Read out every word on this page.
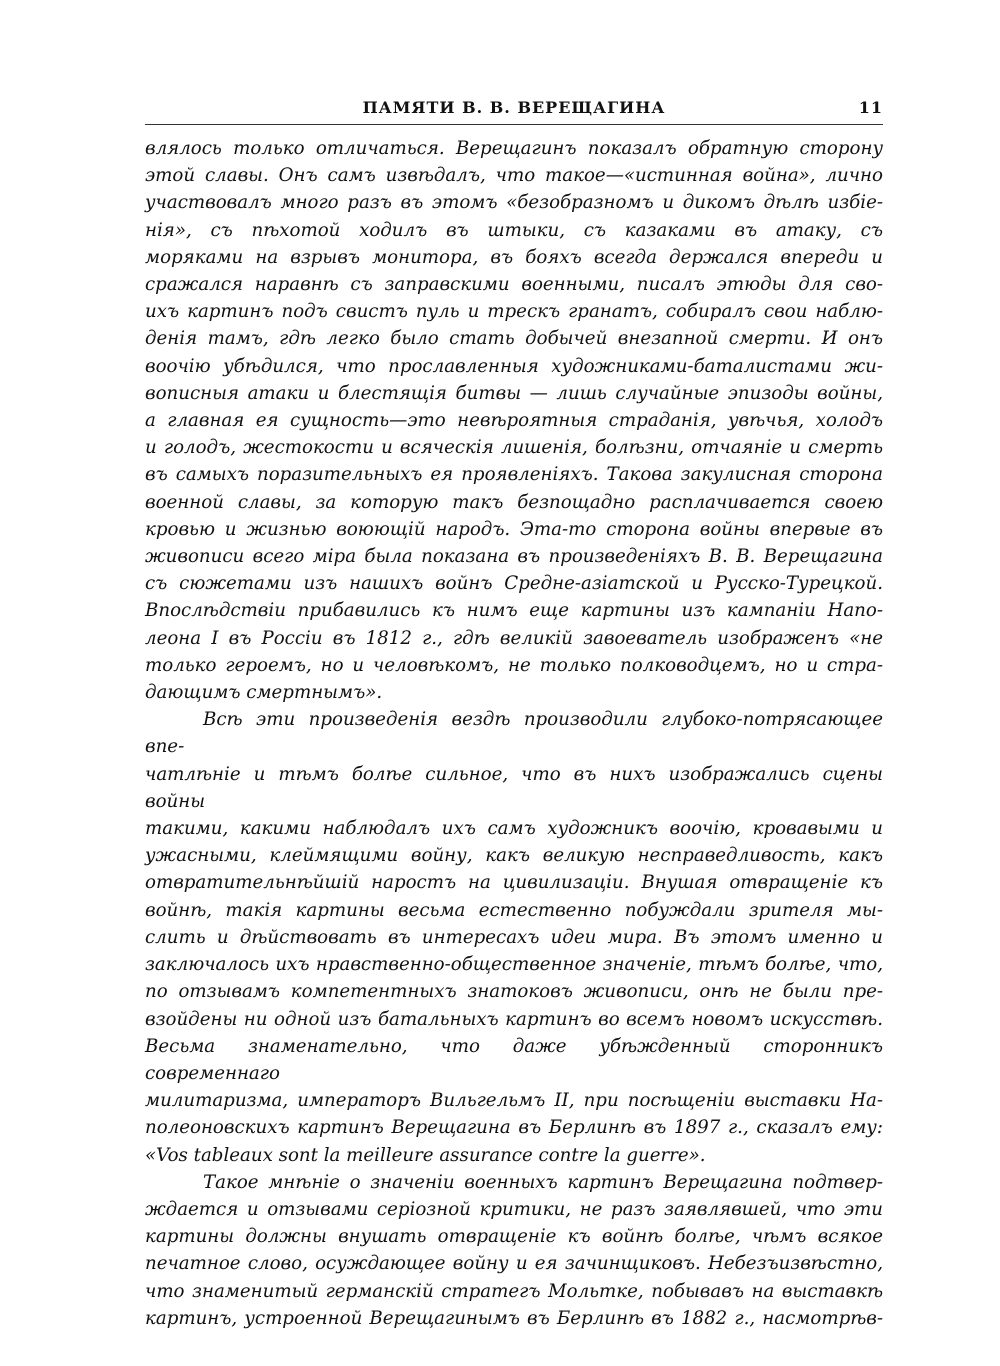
ПАМЯТИ В. В. ВЕРЕЩАГИНА	11

влялось только отличаться. Верещагинъ показалъ обратную сторону

этой славы. Онъ самъ извѣдалъ, что такое—«истинная война», лично

участвовалъ много разъ въ этомъ «безобразномъ и дикомъ дѣлѣ избіе-

нія», съ пѣхотой ходилъ въ штыки, съ казаками въ атаку, съ

моряками на взрывъ монитора, въ бояхъ всегда держался впереди и

сражался наравнѣ съ заправскими военными, писалъ этюды для сво-

ихъ картинъ подъ свистъ пуль и трескъ гранатъ, собиралъ свои наблю-

денія тамъ, гдѣ легко было стать добычей внезапной смерти. И онъ

воочію убѣдился, что прославленныя художниками-баталистами жи-

вописныя атаки и блестящія битвы — лишь случайные эпизоды войны,

а главная ея сущность—это невѣроятныя страданія, увѣчья, холодъ

и голодъ, жестокости и всяческія лишенія, болѣзни, отчаяніе и смерть

въ самыхъ поразительныхъ ея проявленіяхъ. Такова закулисная сторона

военной славы, за которую такъ безпощадно расплачивается своею

кровью и жизнью воюющій народъ. Эта-то сторона войны впервые въ

живописи всего міра была показана въ произведеніяхъ В. В. Верещагина

съ сюжетами изъ нашихъ войнъ Средне-азіатской и Русско-Турецкой.

Впослѣдствіи прибавились къ нимъ еще картины изъ кампаніи Напо-

леона I въ Россіи въ 1812 г., гдѣ великій завоеватель изображенъ «не

только героемъ, но и человѣкомъ, не только полководцемъ, но и стра-

дающимъ смертнымъ».

Всѣ эти произведенія вездѣ производили глубоко-потрясающее впе-

чатлѣніе и тѣмъ болѣе сильное, что въ нихъ изображались сцены войны

такими, какими наблюдалъ ихъ самъ художникъ воочію, кровавыми и

ужасными, клеймящими войну, какъ великую несправедливость, какъ

отвратительнѣйшій наростъ на цивилизаціи. Внушая отвращеніе къ

войнѣ, такія картины весьма естественно побуждали зрителя мы-

слить и дѣйствовать въ интересахъ идеи мира. Въ этомъ именно и

заключалось ихъ нравственно-общественное значеніе, тѣмъ болѣе, что,

по отзывамъ компетентныхъ знатоковъ живописи, онѣ не были пре-

взойдены ни одной изъ батальныхъ картинъ во всемъ новомъ искусствѣ.

Весьма знаменательно, что даже убѣжденный сторонникъ современнаго

милитаризма, императоръ Вильгельмъ II, при посѣщеніи выставки На-

полеоновскихъ картинъ Верещагина въ Берлинѣ въ 1897 г., сказалъ ему:

«Vos tableaux sont la meilleure assurance contre la guerre».

Такое мнѣніе о значеніи военныхъ картинъ Верещагина подтвер-

ждается и отзывами серіозной критики, не разъ заявлявшей, что эти

картины должны внушать отвращеніе къ войнѣ болѣе, чѣмъ всякое

печатное слово, осуждающее войну и ея зачинщиковъ. Небезъизвѣстно,

что знаменитый германскій стратегъ Мольтке, побывавъ на выставкѣ

картинъ, устроенной Верещагинымъ въ Берлинѣ въ 1882 г., насмотрѣв-
